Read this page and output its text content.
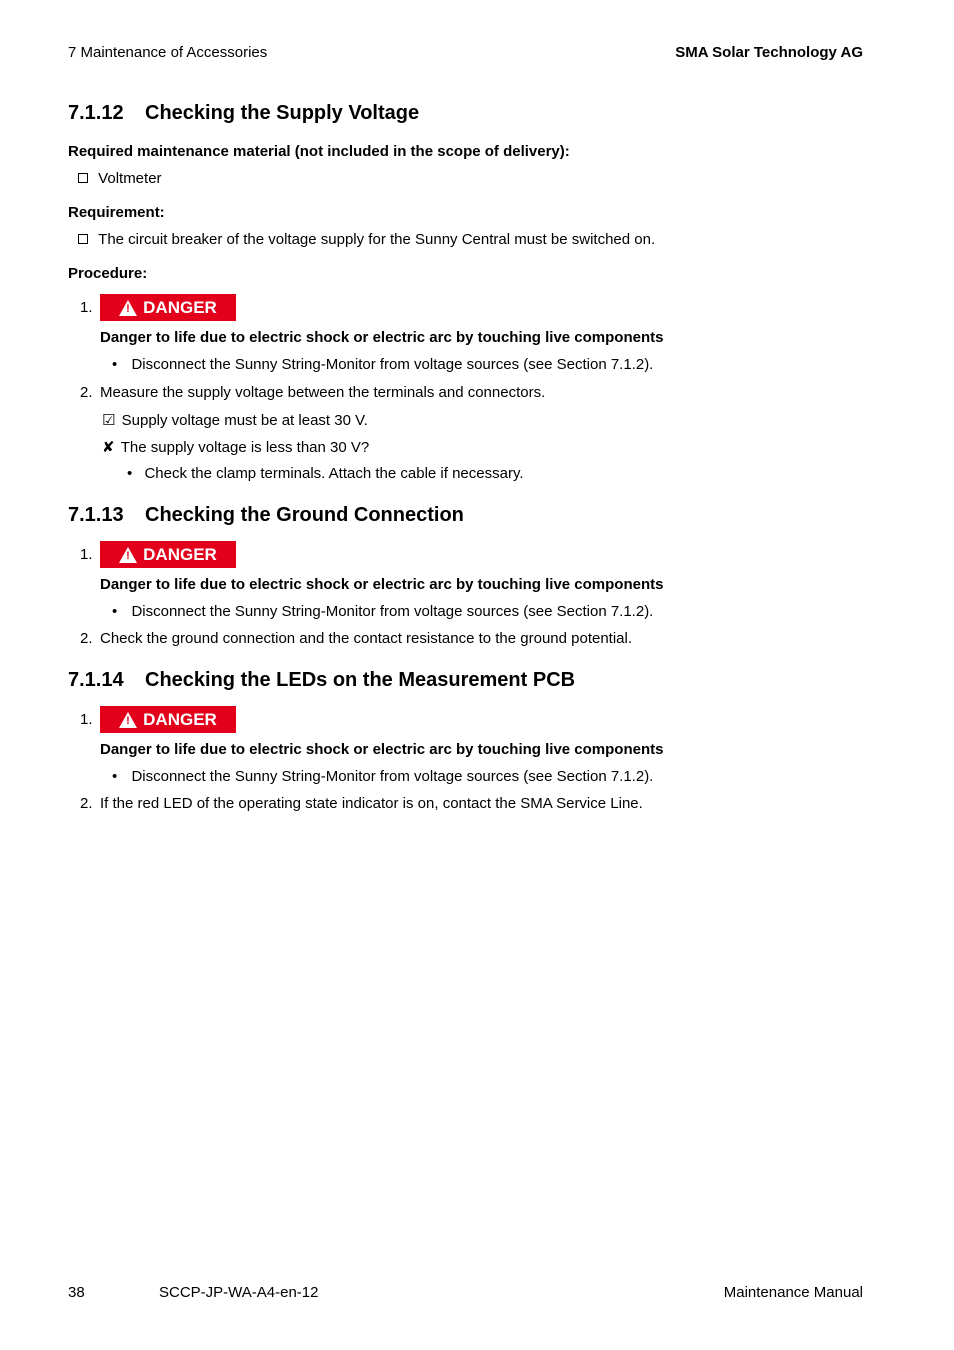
7 Maintenance of Accessories	SMA Solar Technology AG
7.1.12 Checking the Supply Voltage
Required maintenance material (not included in the scope of delivery):
Voltmeter
Requirement:
The circuit breaker of the voltage supply for the Sunny Central must be switched on.
Procedure:
1. !	DANGER
Danger to life due to electric shock or electric arc by touching live components
• Disconnect the Sunny String-Monitor from voltage sources (see Section 7.1.2).
2. Measure the supply voltage between the terminals and connectors.
☑ Supply voltage must be at least 30 V.
✘ The supply voltage is less than 30 V?
• Check the clamp terminals. Attach the cable if necessary.
7.1.13 Checking the Ground Connection
1. !	DANGER
Danger to life due to electric shock or electric arc by touching live components
• Disconnect the Sunny String-Monitor from voltage sources (see Section 7.1.2).
2. Check the ground connection and the contact resistance to the ground potential.
7.1.14 Checking the LEDs on the Measurement PCB
1. !	DANGER
Danger to life due to electric shock or electric arc by touching live components
• Disconnect the Sunny String-Monitor from voltage sources (see Section 7.1.2).
2. If the red LED of the operating state indicator is on, contact the SMA Service Line.
38	SCCP-JP-WA-A4-en-12	Maintenance Manual
